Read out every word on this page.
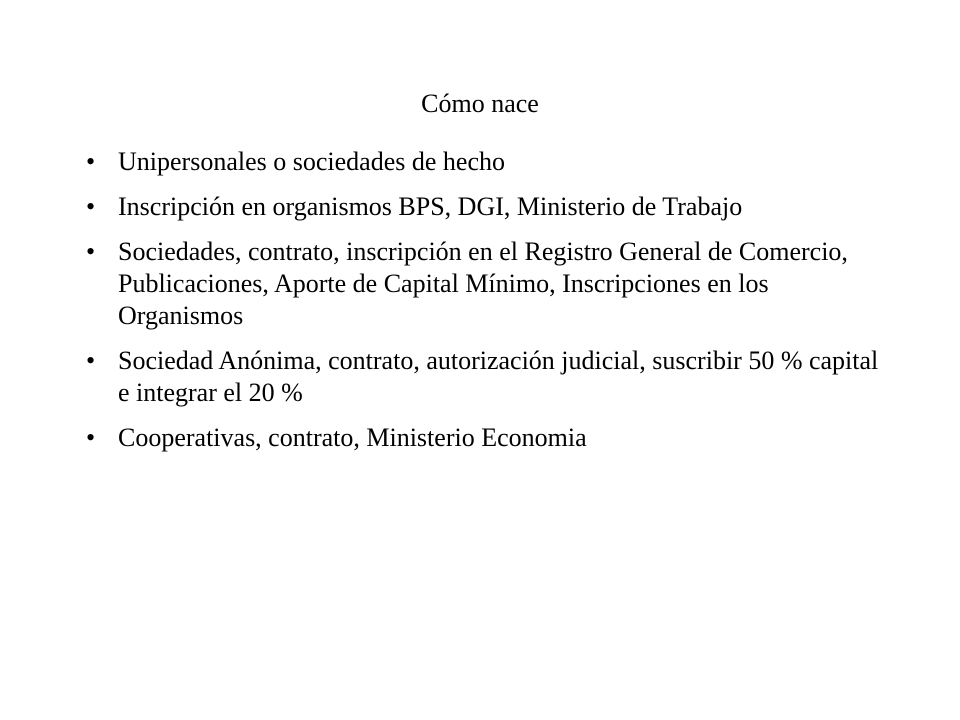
Cómo nace
• Unipersonales o sociedades de hecho
• Inscripción en organismos BPS, DGI, Ministerio de Trabajo
• Sociedades, contrato, inscripción en el Registro General de Comercio, Publicaciones, Aporte de Capital Mínimo, Inscripciones en los Organismos
• Sociedad Anónima, contrato, autorización judicial, suscribir 50 % capital e integrar el 20 %
• Cooperativas, contrato, Ministerio Economia
